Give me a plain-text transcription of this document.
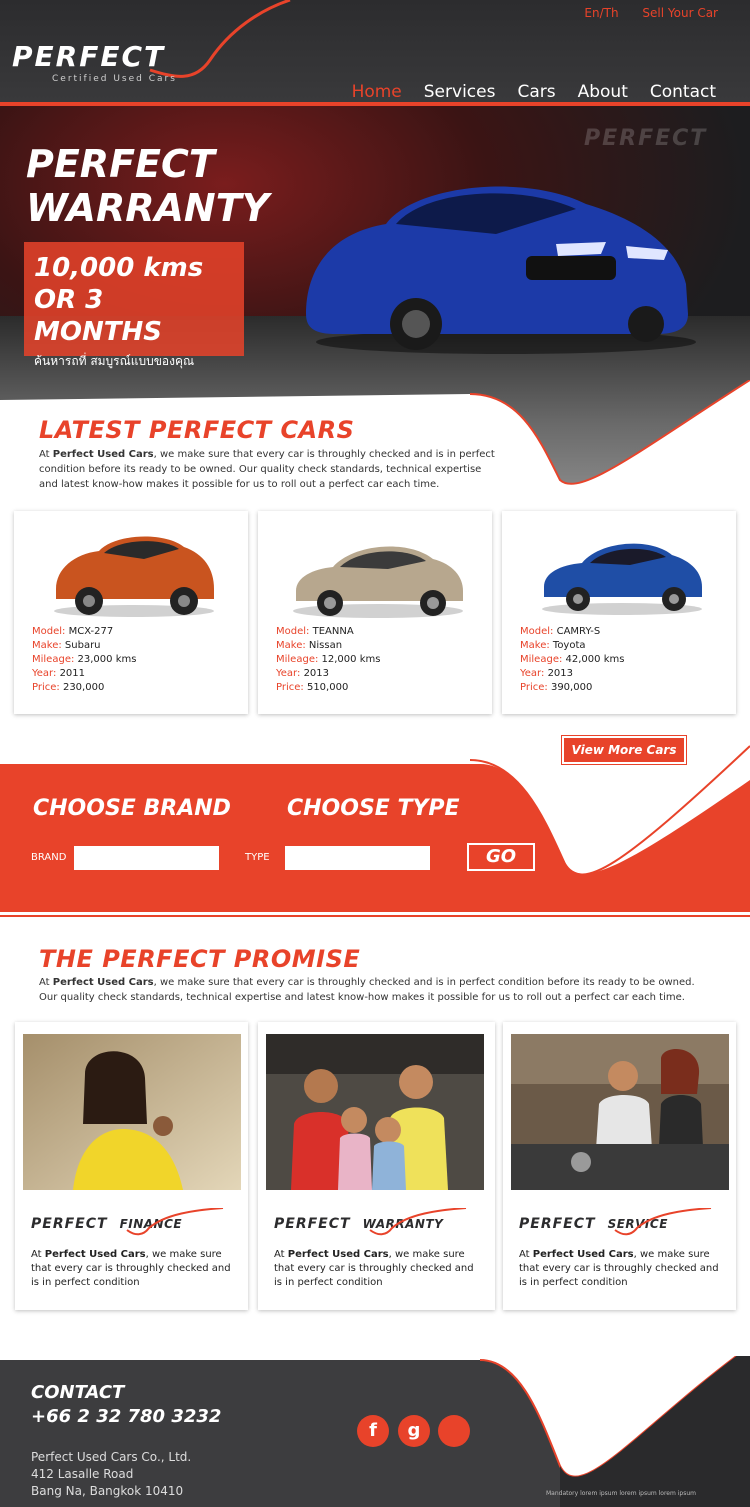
PERFECT
Certified Used Cars
En/Th Sell Your Car
Home Services Cars About Contact
PERFECT
PERFECT
WARRANTY
10,000 kms
OR 3 MONTHS
ค้นหารถที่ สมบูรณ์แบบของคุณ
LATEST PERFECT CARS
At Perfect Used Cars, we make sure that every car is throughly checked and is in perfect condition before its ready to be owned. Our quality check standards, technical expertise and latest know-how makes it possible for us to roll out a perfect car each time.
Model: MCX-277
Make: Subaru
Mileage: 23,000 kms
Year: 2011
Price: 230,000
Model: TEANNA
Make: Nissan
Mileage: 12,000 kms
Year: 2013
Price: 510,000
Model: CAMRY-S
Make: Toyota
Mileage: 42,000 kms
Year: 2013
Price: 390,000
View More Cars
CHOOSE BRAND	CHOOSE TYPE
BRAND	TYPE	GO
THE PERFECT PROMISE
At Perfect Used Cars, we make sure that every car is throughly checked and is in perfect condition before its ready to be owned. Our quality check standards, technical expertise and latest know-how makes it possible for us to roll out a perfect car each time.
PERFECT FINANCE
At Perfect Used Cars, we make sure that every car is throughly checked and is in perfect condition
PERFECT WARRANTY
At Perfect Used Cars, we make sure that every car is throughly checked and is in perfect condition
PERFECT SERVICE
At Perfect Used Cars, we make sure that every car is throughly checked and is in perfect condition
CONTACT
+66 2 32 780 3232
Perfect Used Cars Co., Ltd.
412 Lasalle Road
Bang Na, Bangkok 10410
f	g
Mandatory lorem ipsum lorem ipsum lorem ipsum
